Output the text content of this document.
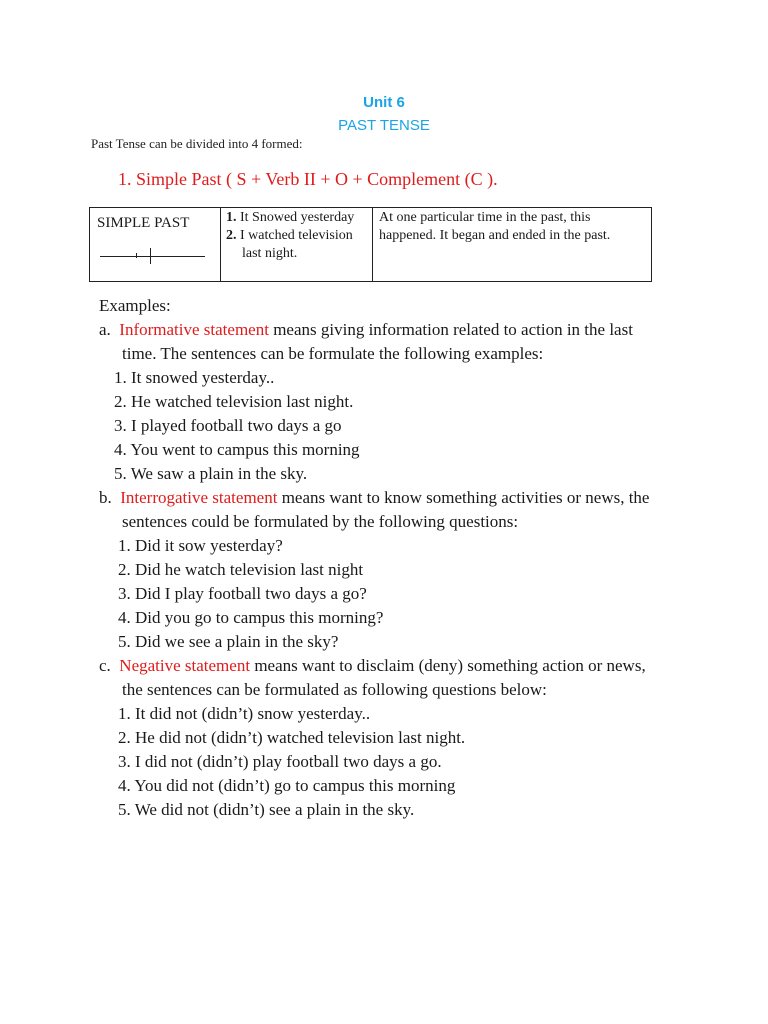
Unit 6
PAST TENSE
Past Tense can be divided into 4 formed:
1. Simple Past ( S + Verb II + O + Complement (C ).
SIMPLE PAST	1. It Snowed yesterday
2. I watched television
last night.
At one particular time in the past, this
happened. It began and ended in the past.
Examples:
a. Informative statement means giving information related to action in the last
time. The sentences can be formulate the following examples:
1. It snowed yesterday..
2. He watched television last night.
3. I played football two days a go
4. You went to campus this morning
5. We saw a plain in the sky.
b. Interrogative statement means want to know something activities or news, the
sentences could be formulated by the following questions:
1. Did it sow yesterday?
2. Did he watch television last night
3. Did I play football two days a go?
4. Did you go to campus this morning?
5. Did we see a plain in the sky?
c. Negative statement means want to disclaim (deny) something action or news,
the sentences can be formulated as following questions below:
1. It did not (didn’t) snow yesterday..
2. He did not (didn’t) watched television last night.
3. I did not (didn’t) play football two days a go.
4. You did not (didn’t) go to campus this morning
5. We did not (didn’t) see a plain in the sky.
